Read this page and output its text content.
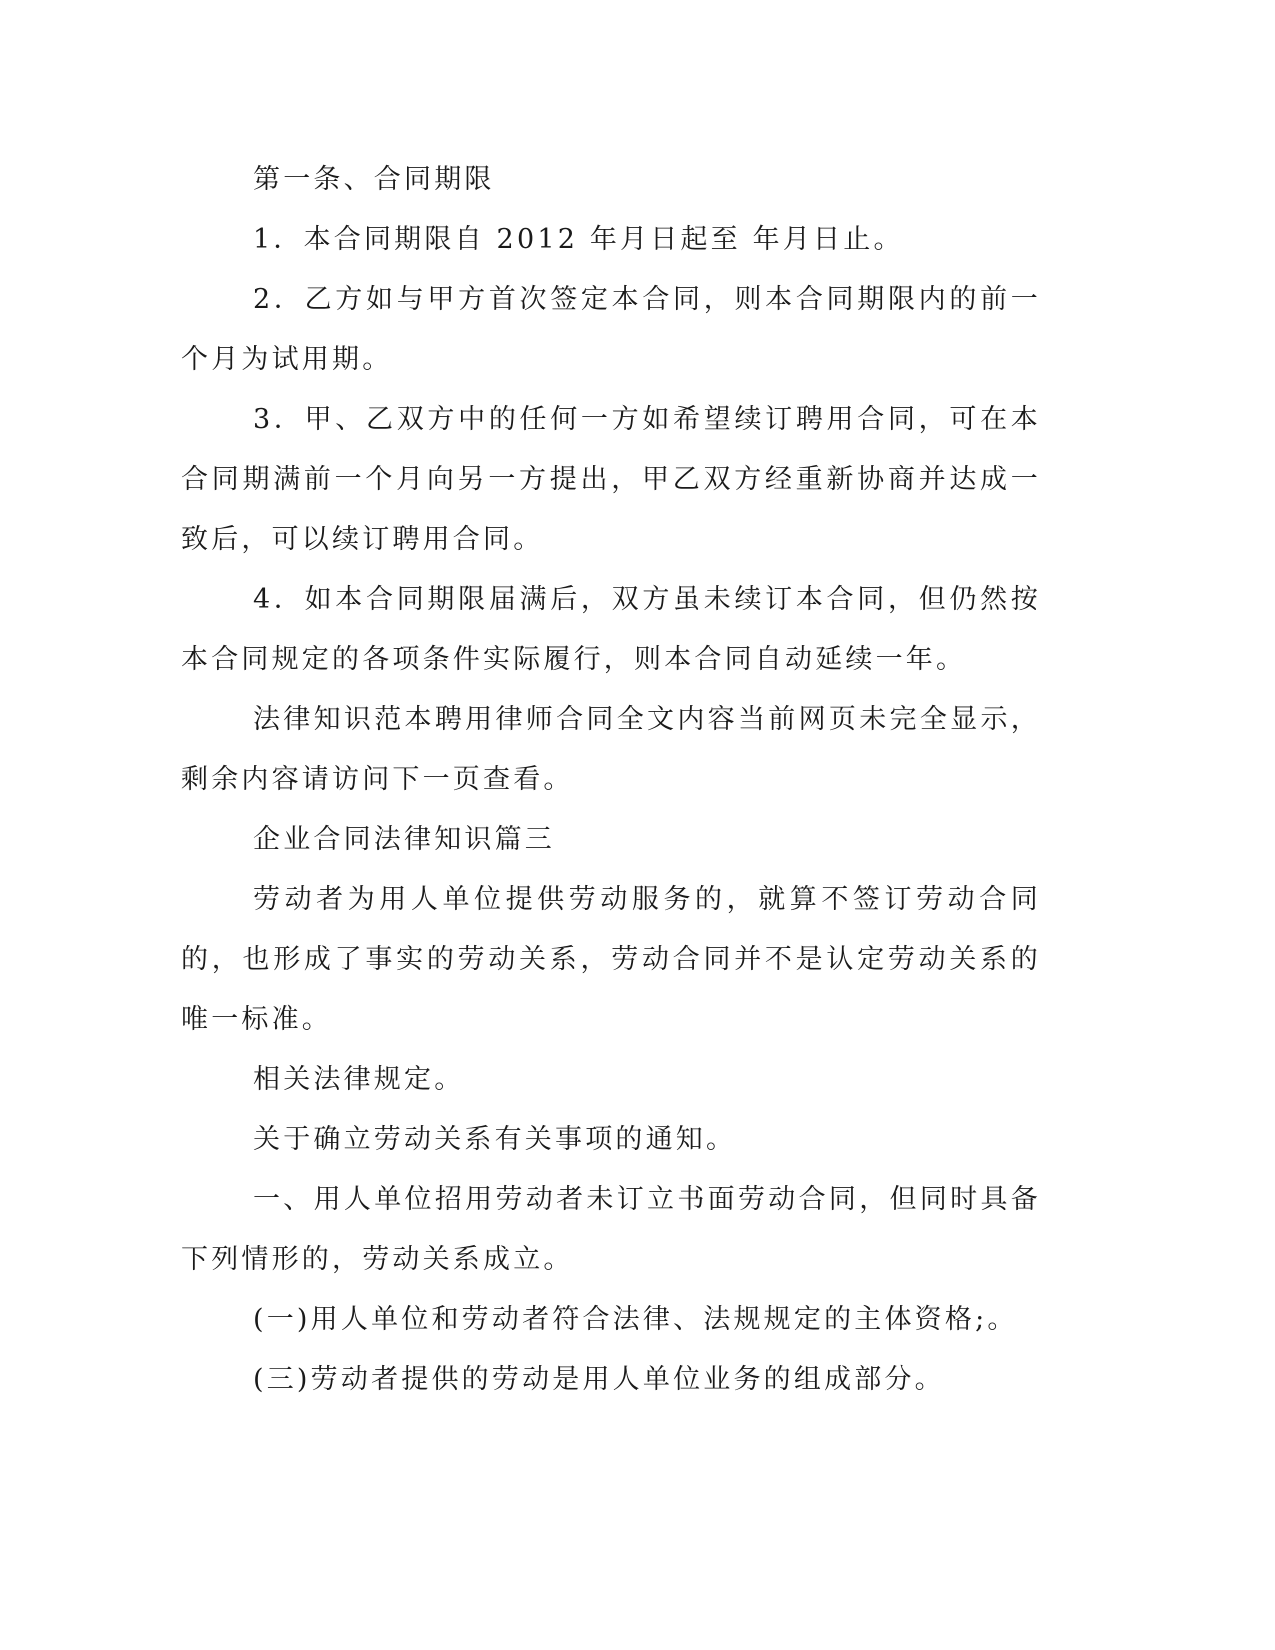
第一条、合同期限

1．本合同期限自 2012 年月日起至 年月日止。

2．乙方如与甲方首次签定本合同，则本合同期限内的前一个月为试用期。

3．甲、乙双方中的任何一方如希望续订聘用合同，可在本合同期满前一个月向另一方提出，甲乙双方经重新协商并达成一致后，可以续订聘用合同。

4．如本合同期限届满后，双方虽未续订本合同，但仍然按本合同规定的各项条件实际履行，则本合同自动延续一年。

法律知识范本聘用律师合同全文内容当前网页未完全显示，剩余内容请访问下一页查看。

企业合同法律知识篇三

劳动者为用人单位提供劳动服务的，就算不签订劳动合同的，也形成了事实的劳动关系，劳动合同并不是认定劳动关系的唯一标准。

相关法律规定。

关于确立劳动关系有关事项的通知。

一、用人单位招用劳动者未订立书面劳动合同，但同时具备下列情形的，劳动关系成立。

(一)用人单位和劳动者符合法律、法规规定的主体资格;。

(三)劳动者提供的劳动是用人单位业务的组成部分。
